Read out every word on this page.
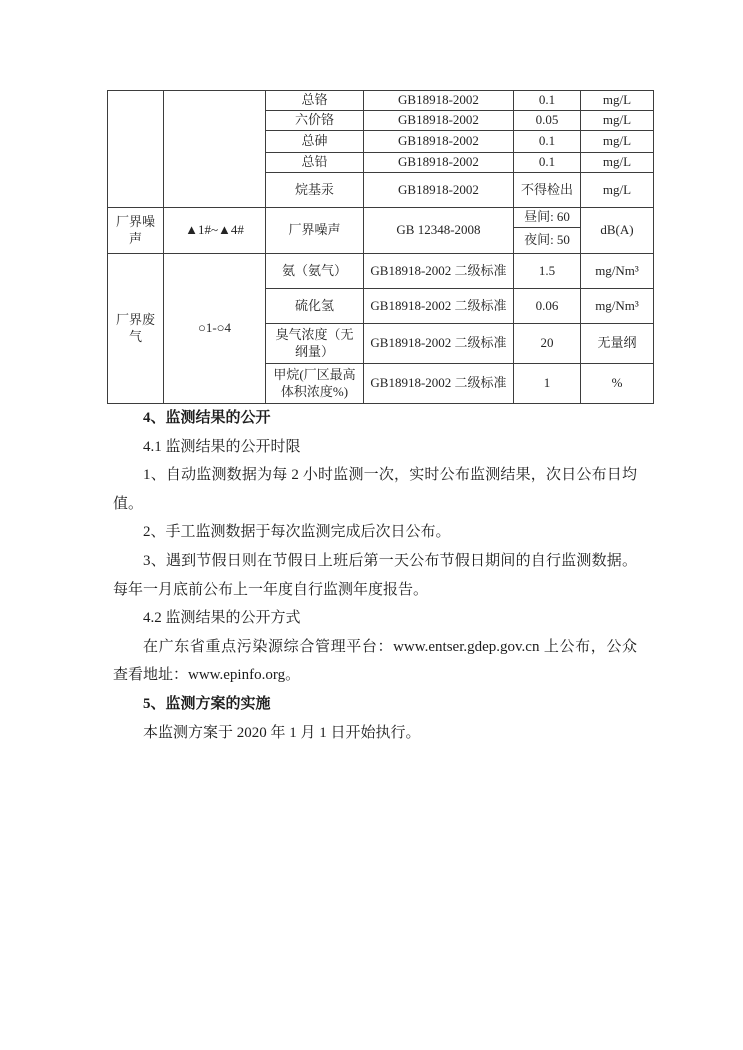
		总铬	GB18918-2002	0.1	mg/L
		六价铬	GB18918-2002	0.05	mg/L
		总砷	GB18918-2002	0.1	mg/L
		总铅	GB18918-2002	0.1	mg/L
		烷基汞	GB18918-2002	不得检出	mg/L
厂界噪声	▲1#~▲4#	厂界噪声	GB 12348-2008	昼间: 60	dB(A)
				夜间: 50	
厂界废气	○1-○4	氨（氨气）	GB18918-2002 二级标准	1.5	mg/Nm³
		硫化氢	GB18918-2002 二级标准	0.06	mg/Nm³
		臭气浓度（无纲量）	GB18918-2002 二级标准	20	无量纲
		甲烷(厂区最高体积浓度%)	GB18918-2002 二级标准	1	%

4、监测结果的公开

4.1 监测结果的公开时限

1、自动监测数据为每 2 小时监测一次，实时公布监测结果，次日公布日均值。

2、手工监测数据于每次监测完成后次日公布。

3、遇到节假日则在节假日上班后第一天公布节假日期间的自行监测数据。每年一月底前公布上一年度自行监测年度报告。

4.2 监测结果的公开方式

在广东省重点污染源综合管理平台：www.entser.gdep.gov.cn 上公布，公众查看地址：www.epinfo.org。

5、监测方案的实施

本监测方案于 2020 年 1 月 1 日开始执行。
